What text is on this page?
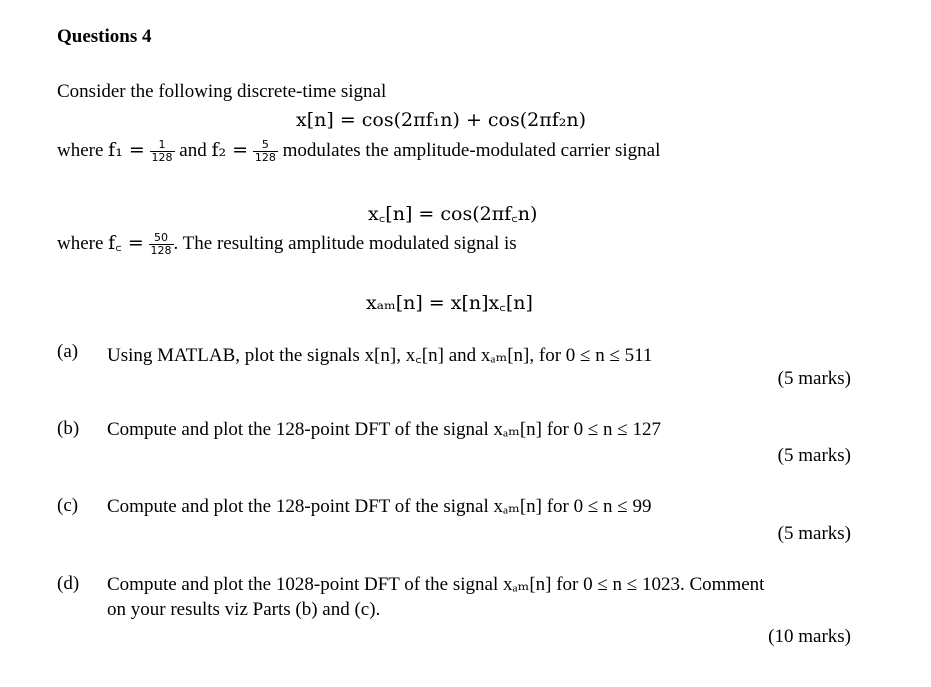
Questions 4
Consider the following discrete-time signal
x[n] = cos(2πf₁n) + cos(2πf₂n)
where $f_1 = \frac{1}{128}$ and $f_2 = \frac{5}{128}$ modulates the amplitude-modulated carrier signal
x꜀[n] = cos(2πf꜀n)
where f꜀ = $\frac{50}{128}$ . The resulting amplitude modulated signal is
xₐₘ[n] = x[n]x꜀[n]
(a) Using MATLAB, plot the signals x[n], x꜀[n] and xₐₘ[n], for 0 ≤ n ≤ 511
(5 marks)
(b) Compute and plot the 128-point DFT of the signal xₐₘ[n] for 0 ≤ n ≤ 127
(5 marks)
(c) Compute and plot the 128-point DFT of the signal xₐₘ[n] for 0 ≤ n ≤ 99
(5 marks)
(d) Compute and plot the 1028-point DFT of the signal xₐₘ[n] for 0 ≤ n ≤ 1023. Comment
on your results viz Parts (b) and (c).
(10 marks)
